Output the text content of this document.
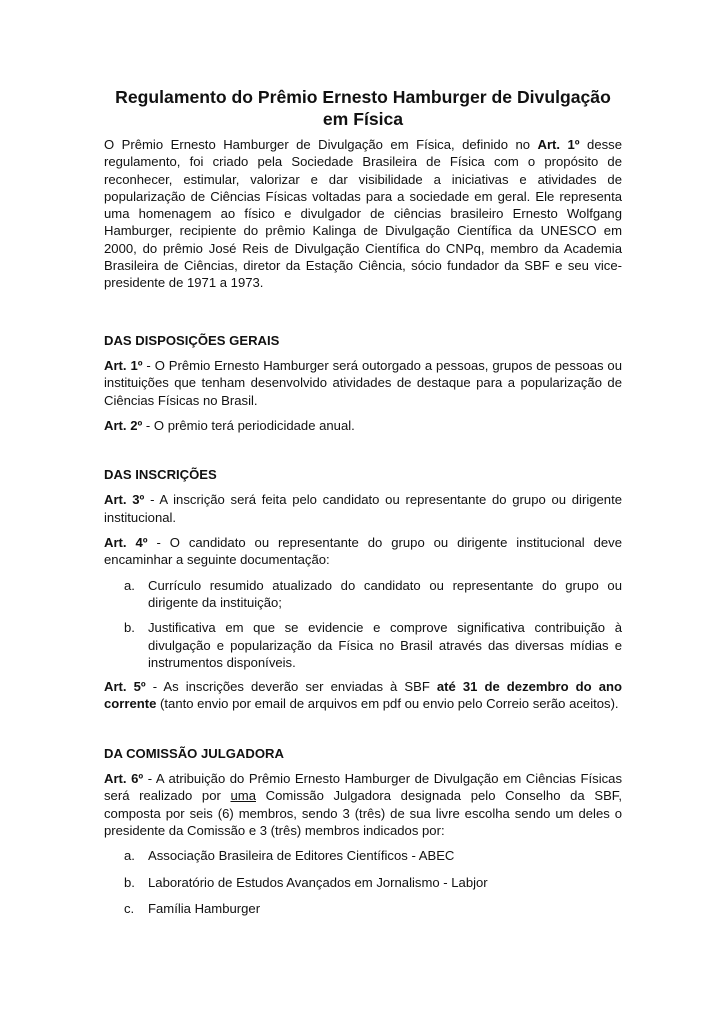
Regulamento do Prêmio Ernesto Hamburger de Divulgação em Física

O Prêmio Ernesto Hamburger de Divulgação em Física, definido no Art. 1º desse regulamento, foi criado pela Sociedade Brasileira de Física com o propósito de reconhecer, estimular, valorizar e dar visibilidade a iniciativas e atividades de popularização de Ciências Físicas voltadas para a sociedade em geral. Ele representa uma homenagem ao físico e divulgador de ciências brasileiro Ernesto Wolfgang Hamburger, recipiente do prêmio Kalinga de Divulgação Científica da UNESCO em 2000, do prêmio José Reis de Divulgação Científica do CNPq, membro da Academia Brasileira de Ciências, diretor da Estação Ciência, sócio fundador da SBF e seu vice-presidente de 1971 a 1973.

DAS DISPOSIÇÕES GERAIS

Art. 1º - O Prêmio Ernesto Hamburger será outorgado a pessoas, grupos de pessoas ou instituições que tenham desenvolvido atividades de destaque para a popularização de Ciências Físicas no Brasil.

Art. 2º - O prêmio terá periodicidade anual.

DAS INSCRIÇÕES

Art. 3º - A inscrição será feita pelo candidato ou representante do grupo ou dirigente institucional.

Art. 4º - O candidato ou representante do grupo ou dirigente institucional deve encaminhar a seguinte documentação:

a. Currículo resumido atualizado do candidato ou representante do grupo ou dirigente da instituição;
b. Justificativa em que se evidencie e comprove significativa contribuição à divulgação e popularização da Física no Brasil através das diversas mídias e instrumentos disponíveis.

Art. 5º - As inscrições deverão ser enviadas à SBF até 31 de dezembro do ano corrente (tanto envio por email de arquivos em pdf ou envio pelo Correio serão aceitos).

DA COMISSÃO JULGADORA

Art. 6º - A atribuição do Prêmio Ernesto Hamburger de Divulgação em Ciências Físicas será realizado por uma Comissão Julgadora designada pelo Conselho da SBF, composta por seis (6) membros, sendo 3 (três) de sua livre escolha sendo um deles o presidente da Comissão e 3 (três) membros indicados por:

a. Associação Brasileira de Editores Científicos - ABEC
b. Laboratório de Estudos Avançados em Jornalismo - Labjor
c. Família Hamburger
